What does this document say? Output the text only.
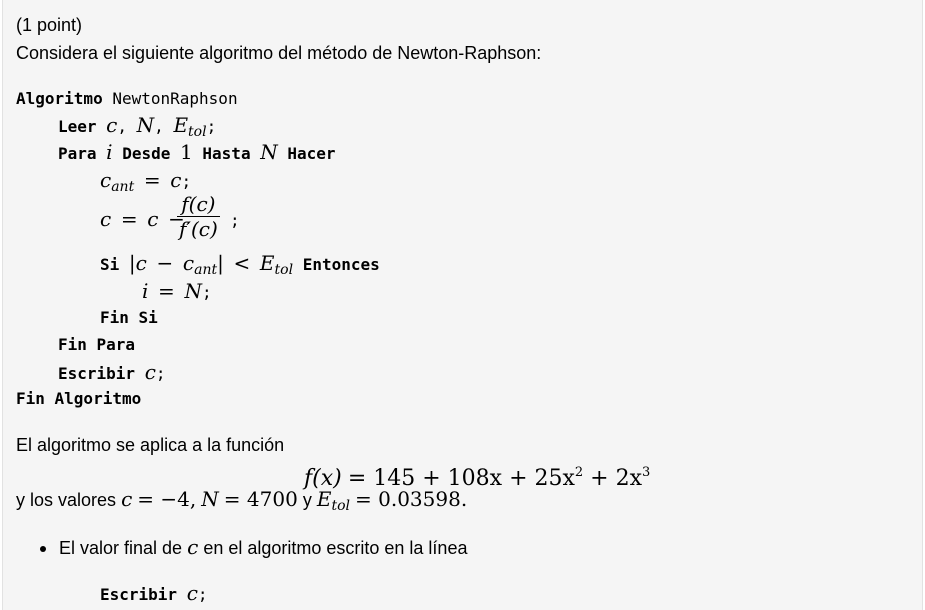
(1 point)
Considera el siguiente algoritmo del método de Newton-Raphson:
Algoritmo NewtonRaphson
Leer c, N, Etol;
Para i Desde 1 Hasta N Hacer
cant = c;
c = c −
$\frac{f(c)}{f'(c)}$ ;
Si |c − cant| < Etol Entonces
i = N;
Fin Si
Fin Para
Escribir c;
Fin Algoritmo
El algoritmo se aplica a la función
$f(x) = 145 + 108x + 25x^2 + 2x^3$
y los valores c = −4, N = 4700 y $E_{tol} = 0.03598$.
El valor final de c en el algoritmo escrito en la línea
Escribir c;
